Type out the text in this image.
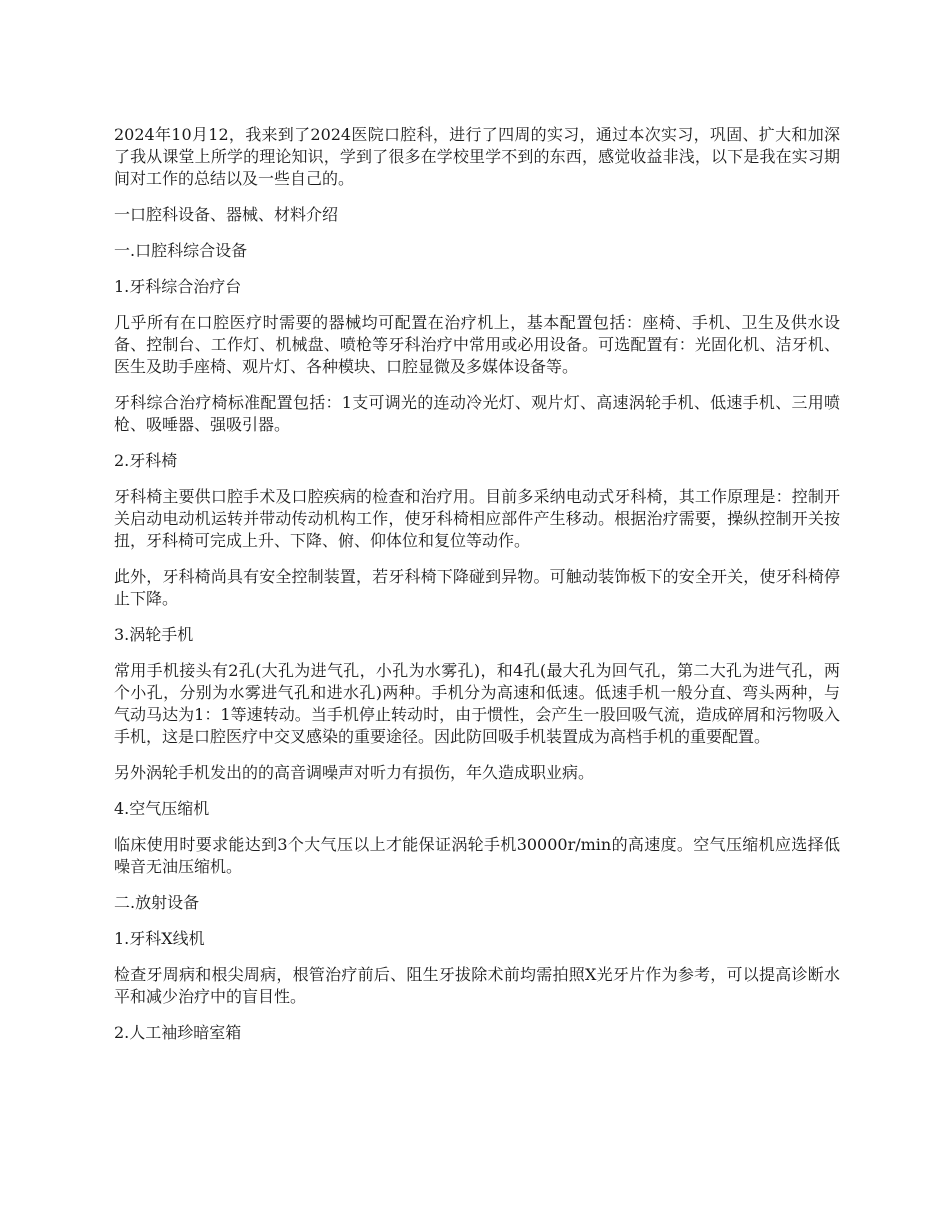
2024年10月12，我来到了2024医院口腔科，进行了四周的实习，通过本次实习，巩固、扩大和加深了我从课堂上所学的理论知识，学到了很多在学校里学不到的东西，感觉收益非浅，以下是我在实习期间对工作的总结以及一些自己的。

一口腔科设备、器械、材料介绍

一.口腔科综合设备

1.牙科综合治疗台

几乎所有在口腔医疗时需要的器械均可配置在治疗机上，基本配置包括：座椅、手机、卫生及供水设备、控制台、工作灯、机械盘、喷枪等牙科治疗中常用或必用设备。可选配置有：光固化机、洁牙机、医生及助手座椅、观片灯、各种模块、口腔显微及多媒体设备等。

牙科综合治疗椅标准配置包括：1支可调光的连动冷光灯、观片灯、高速涡轮手机、低速手机、三用喷枪、吸唾器、强吸引器。

2.牙科椅

牙科椅主要供口腔手术及口腔疾病的检查和治疗用。目前多采纳电动式牙科椅，其工作原理是：控制开关启动电动机运转并带动传动机构工作，使牙科椅相应部件产生移动。根据治疗需要，操纵控制开关按扭，牙科椅可完成上升、下降、俯、仰体位和复位等动作。

此外，牙科椅尚具有安全控制装置，若牙科椅下降碰到异物。可触动装饰板下的安全开关，使牙科椅停止下降。

3.涡轮手机

常用手机接头有2孔(大孔为进气孔，小孔为水雾孔)，和4孔(最大孔为回气孔，第二大孔为进气孔，两个小孔，分别为水雾进气孔和进水孔)两种。手机分为高速和低速。低速手机一般分直、弯头两种，与气动马达为1：1等速转动。当手机停止转动时，由于惯性，会产生一股回吸气流，造成碎屑和污物吸入手机，这是口腔医疗中交叉感染的重要途径。因此防回吸手机装置成为高档手机的重要配置。

另外涡轮手机发出的的高音调噪声对听力有损伤，年久造成职业病。

4.空气压缩机

临床使用时要求能达到3个大气压以上才能保证涡轮手机30000r/min的高速度。空气压缩机应选择低噪音无油压缩机。

二.放射设备

1.牙科X线机

检查牙周病和根尖周病，根管治疗前后、阻生牙拔除术前均需拍照X光牙片作为参考，可以提高诊断水平和减少治疗中的盲目性。

2.人工袖珍暗室箱
